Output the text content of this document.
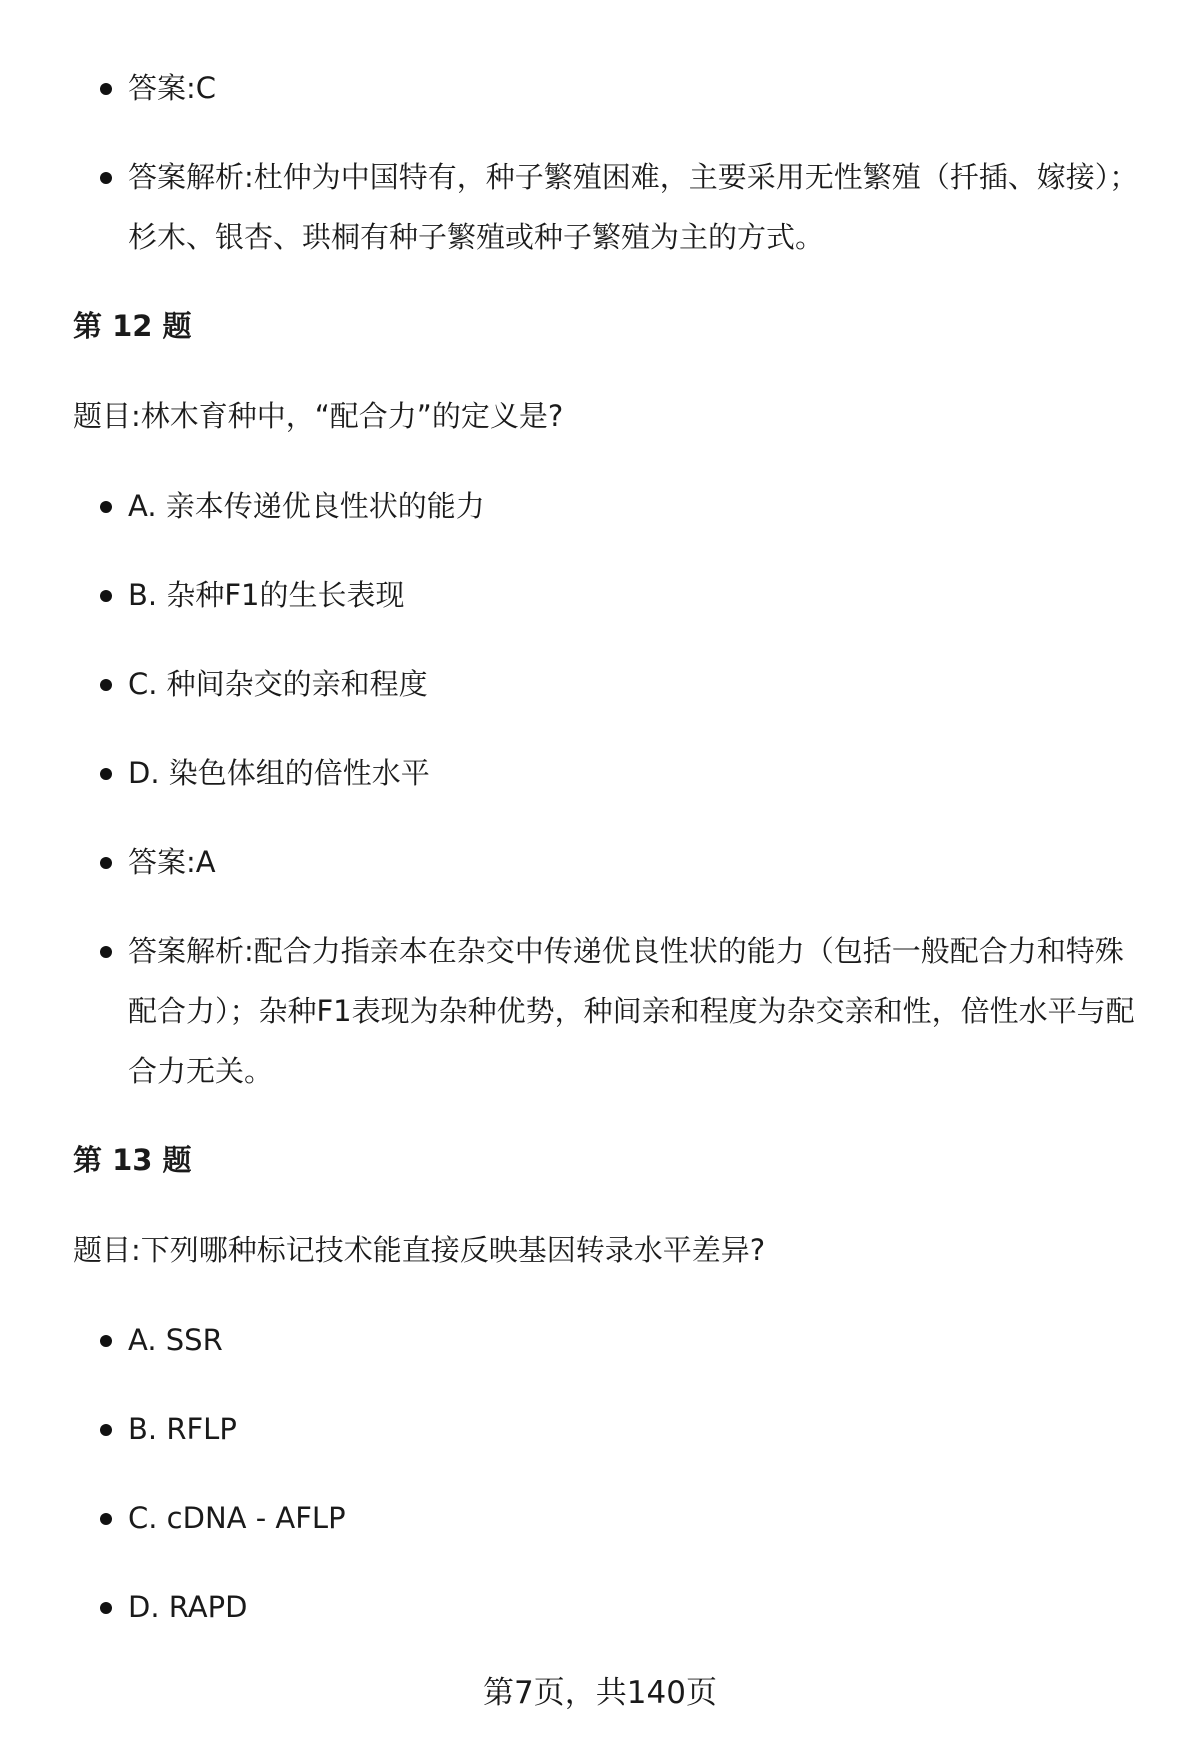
答案:C
答案解析:杜仲为中国特有，种子繁殖困难，主要采用无性繁殖（扦插、嫁接）；杉木、银杏、珙桐有种子繁殖或种子繁殖为主的方式。
第 12 题
题目:林木育种中，“配合力”的定义是?
A. 亲本传递优良性状的能力
B. 杂种F1的生长表现
C. 种间杂交的亲和程度
D. 染色体组的倍性水平
答案:A
答案解析:配合力指亲本在杂交中传递优良性状的能力（包括一般配合力和特殊配合力）；杂种F1表现为杂种优势，种间亲和程度为杂交亲和性，倍性水平与配合力无关。
第 13 题
题目:下列哪种标记技术能直接反映基因转录水平差异?
A. SSR
B. RFLP
C. cDNA - AFLP
D. RAPD
第7页，共140页
